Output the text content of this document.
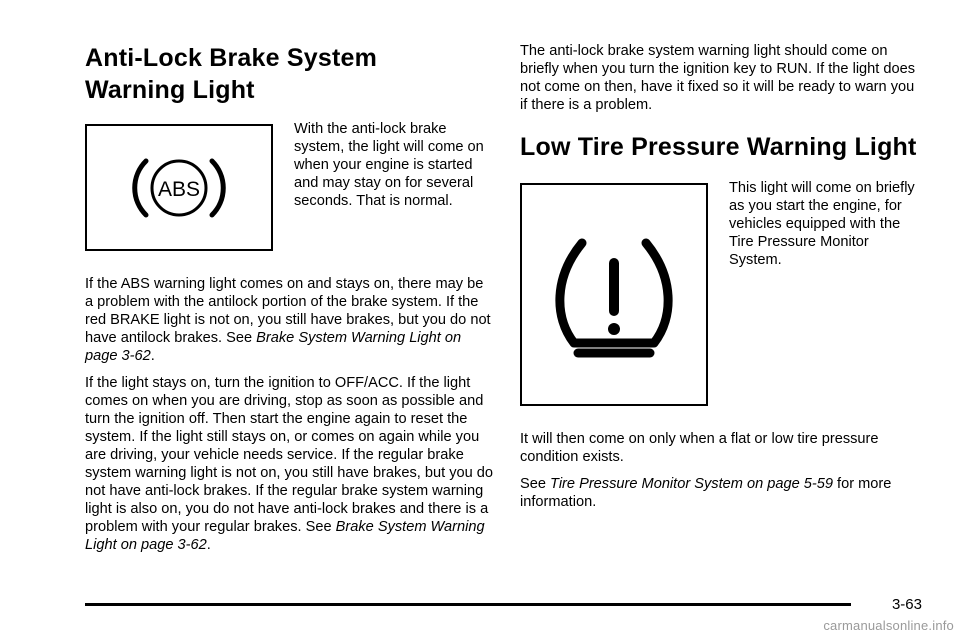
Anti-Lock Brake System
Warning Light
ABS

With the anti-lock brake system, the light will come on when your engine is started and may stay on for several seconds. That is normal.

If the ABS warning light comes on and stays on, there may be a problem with the antilock portion of the brake system. If the red BRAKE light is not on, you still have brakes, but you do not have antilock brakes. See Brake System Warning Light on page 3-62.

If the light stays on, turn the ignition to OFF/ACC. If the light comes on when you are driving, stop as soon as possible and turn the ignition off. Then start the engine again to reset the system. If the light still stays on, or comes on again while you are driving, your vehicle needs service. If the regular brake system warning light is not on, you still have brakes, but you do not have anti-lock brakes. If the regular brake system warning light is also on, you do not have anti-lock brakes and there is a problem with your regular brakes. See Brake System Warning Light on page 3-62.

The anti-lock brake system warning light should come on briefly when you turn the ignition key to RUN. If the light does not come on then, have it fixed so it will be ready to warn you if there is a problem.

Low Tire Pressure Warning Light

This light will come on briefly as you start the engine, for vehicles equipped with the Tire Pressure Monitor System.

It will then come on only when a flat or low tire pressure condition exists.

See Tire Pressure Monitor System on page 5-59 for more information.

3-63
carmanualsonline.info
